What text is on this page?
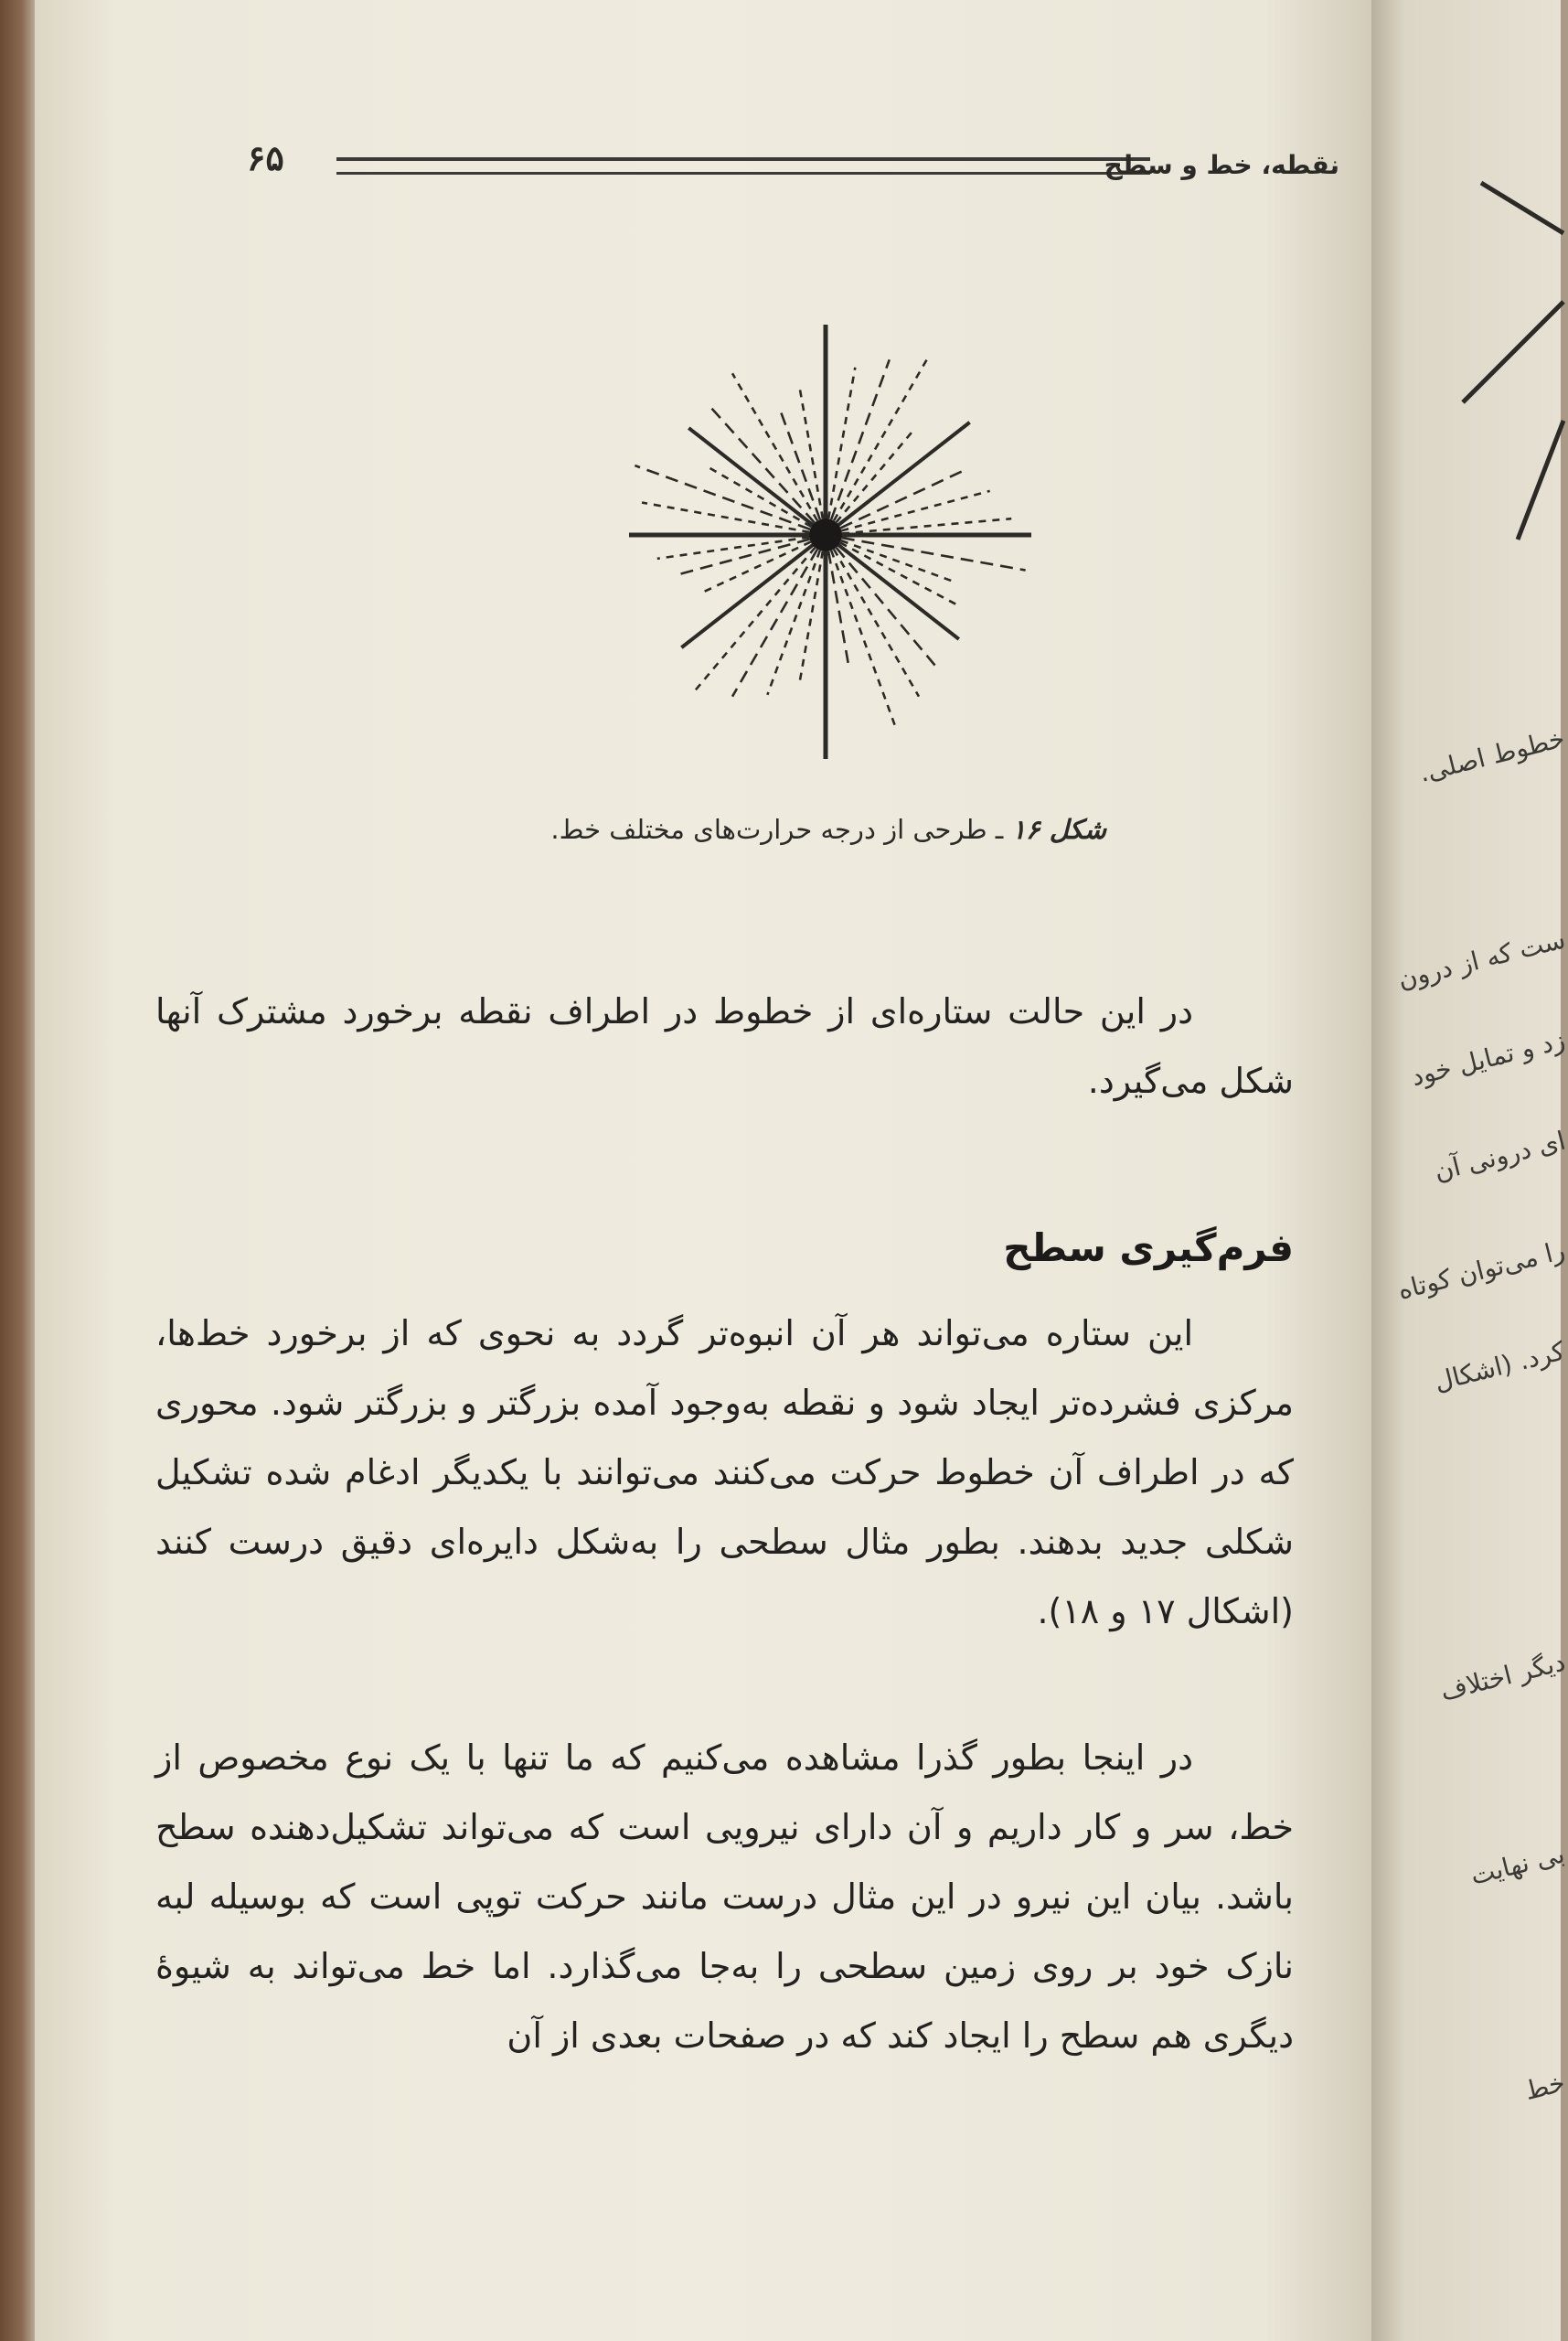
۶۵	نقطه، خط و سطح
شکل ۱۶ ـ طرحی از درجه حرارت‌های مختلف خط.

در این حالت ستاره‌ای از خطوط در اطراف نقطه برخورد مشترک آنها شکل می‌گیرد.

فرم‌گیری سطح

این ستاره می‌تواند هر آن انبوه‌تر گردد به نحوی که از برخورد خط‌ها، مرکزی فشرده‌تر ایجاد شود و نقطه به‌وجود آمده بزرگتر و بزرگتر شود. محوری که در اطراف آن خطوط حرکت می‌کنند می‌توانند با یکدیگر ادغام شده تشکیل شکلی جدید بدهند. بطور مثال سطحی را به‌شکل دایره‌ای دقیق درست کنند (اشکال ۱۷ و ۱۸).

در اینجا بطور گذرا مشاهده می‌کنیم که ما تنها با یک نوع مخصوص از خط، سر و کار داریم و آن دارای نیرویی است که می‌تواند تشکیل‌دهنده سطح باشد. بیان این نیرو در این مثال درست مانند حرکت توپی است که بوسیله لبه نازک خود بر روی زمین سطحی را به‌جا می‌گذارد. اما خط می‌تواند به شیوهٔ دیگری هم سطح را ایجاد کند که در صفحات بعدی از آن

خطوط اصلی.
ست که از درون
زد و تمایل خود
ای درونی آن
را می‌توان کوتاه
کرد. (اشکال
دیگر اختلاف
بی نهایت
خط
